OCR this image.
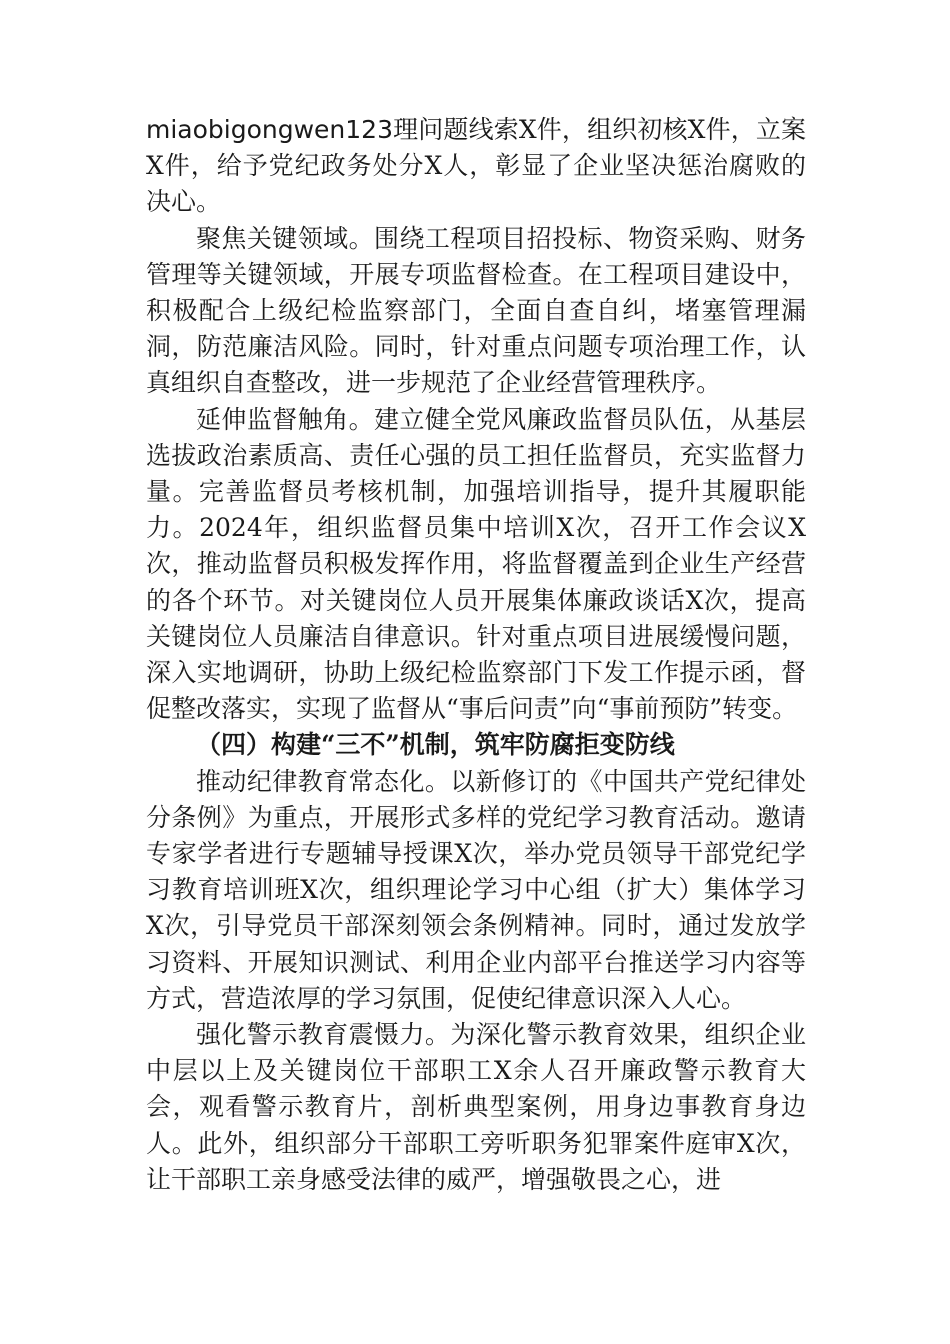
miaobigongwen123理问题线索X件，组织初核X件，立案X件，给予党纪政务处分X人，彰显了企业坚决惩治腐败的决心。

聚焦关键领域。围绕工程项目招投标、物资采购、财务管理等关键领域，开展专项监督检查。在工程项目建设中，积极配合上级纪检监察部门，全面自查自纠，堵塞管理漏洞，防范廉洁风险。同时，针对重点问题专项治理工作，认真组织自查整改，进一步规范了企业经营管理秩序。

延伸监督触角。建立健全党风廉政监督员队伍，从基层选拔政治素质高、责任心强的员工担任监督员，充实监督力量。完善监督员考核机制，加强培训指导，提升其履职能力。2024年，组织监督员集中培训X次，召开工作会议X次，推动监督员积极发挥作用，将监督覆盖到企业生产经营的各个环节。对关键岗位人员开展集体廉政谈话X次，提高关键岗位人员廉洁自律意识。针对重点项目进展缓慢问题，深入实地调研，协助上级纪检监察部门下发工作提示函，督促整改落实，实现了监督从“事后问责”向“事前预防”转变。

（四）构建“三不”机制，筑牢防腐拒变防线

推动纪律教育常态化。以新修订的《中国共产党纪律处分条例》为重点，开展形式多样的党纪学习教育活动。邀请专家学者进行专题辅导授课X次，举办党员领导干部党纪学习教育培训班X次，组织理论学习中心组（扩大）集体学习X次，引导党员干部深刻领会条例精神。同时，通过发放学习资料、开展知识测试、利用企业内部平台推送学习内容等方式，营造浓厚的学习氛围，促使纪律意识深入人心。

强化警示教育震慑力。为深化警示教育效果，组织企业中层以上及关键岗位干部职工X余人召开廉政警示教育大会，观看警示教育片，剖析典型案例，用身边事教育身边人。此外，组织部分干部职工旁听职务犯罪案件庭审X次，让干部职工亲身感受法律的威严，增强敬畏之心，进
